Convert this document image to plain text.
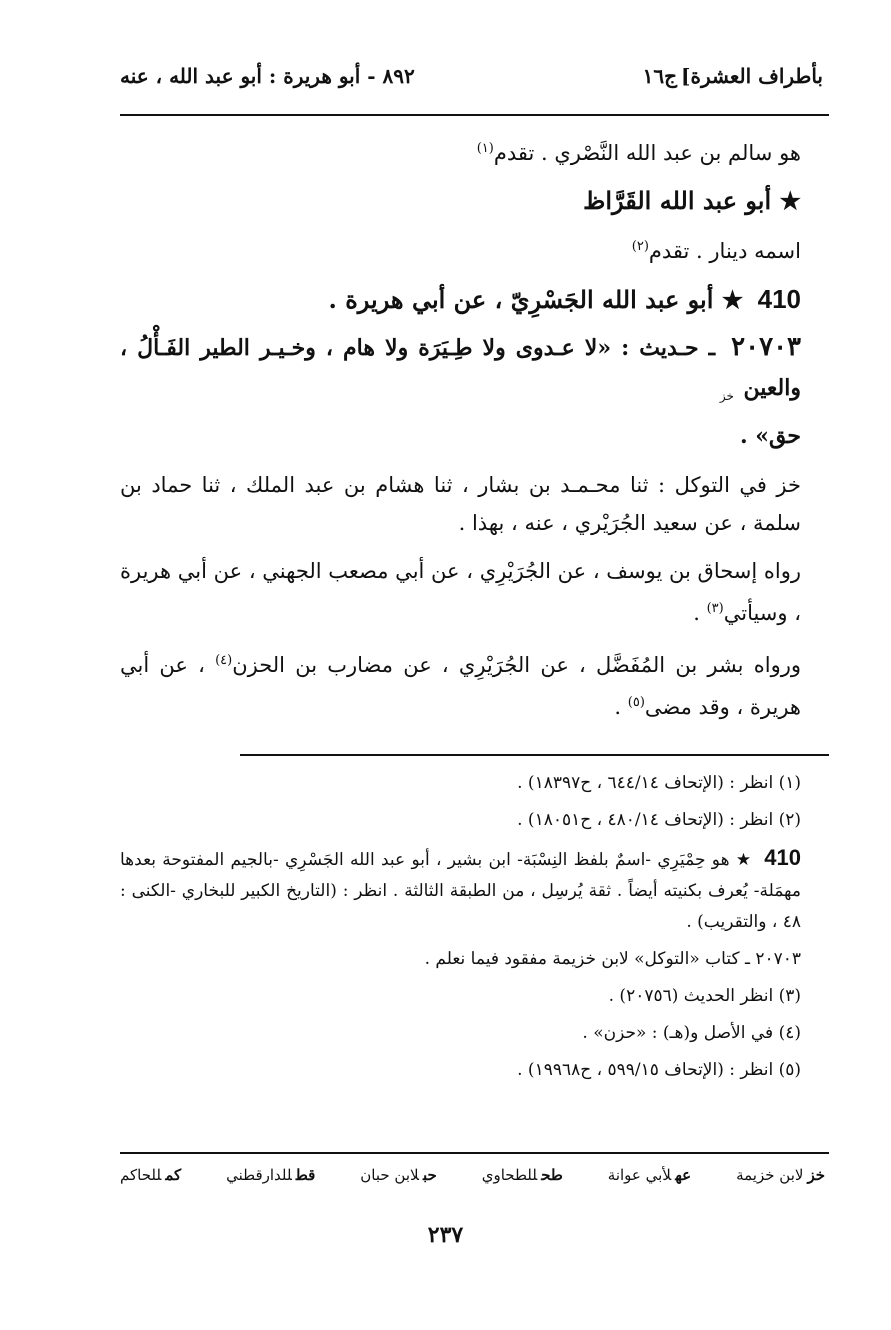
بأطراف العشرة]
ج١٦
٨٩٢ - أبو هريرة : أبو عبد الله ، عنه

هو سالم بن عبد الله النَّصْري . تقدم$^{(١)}$

★ أبو عبد الله القَرَّاظ

اسمه دينار . تقدم$^{(٢)}$

410 ★ أبو عبد الله الجَسْرِيّ ، عن أبي هريرة .
٢٠٧٠٣ ـ حـديث : «لا عـدوى ولا طِـيَرَة ولا هام ، وخـيـر الطير الفَـأْلُ ، والعين $_{خز}$
حق» .

خز في التوكل : ثنا محـمـد بن بشار ، ثنا هشام بن عبد الملك ، ثنا حماد بن سلمة ، عن سعيد الجُرَيْري ، عنه ، بهذا .

رواه إسحاق بن يوسف ، عن الجُرَيْرِي ، عن أبي مصعب الجهني ، عن أبي هريرة ، وسيأتي$^{(٣)}$ .

ورواه بشر بن المُفَضَّل ، عن الجُرَيْرِي ، عن مضارب بن الحزن$^{(٤)}$ ، عن أبي هريرة ، وقد مضى$^{(٥)}$ .

(١) انظر : (الإتحاف ٦٤٤/١٤ ، ح١٨٣٩٧) .

(٢) انظر : (الإتحاف ٤٨٠/١٤ ، ح١٨٠٥١) .

410 ★ هو حِمْيَرِي -اسمٌ بلفظ النِسْبَة- ابن بشير ، أبو عبد الله الجَسْرِي -بالجيم المفتوحة بعدها مهمَلة- يُعرف بكنيته أيضاً . ثقة يُرسِل ، من الطبقة الثالثة . انظر : (التاريخ الكبير للبخاري -الكنى : ٤٨ ، والتقريب) .

٢٠٧٠٣ ـ كتاب «التوكل» لابن خزيمة مفقود فيما نعلم .

(٣) انظر الحديث (٢٠٧٥٦) .

(٤) في الأصل و(هـ) : «حزن» .

(٥) انظر : (الإتحاف ٥٩٩/١٥ ، ح١٩٩٦٨) .

خزلابن خزيمة
عهلأبي عوانة
طحللطحاوي
حبلابن حبان
قطللدارقطني
كمللحاكم
٢٣٧
